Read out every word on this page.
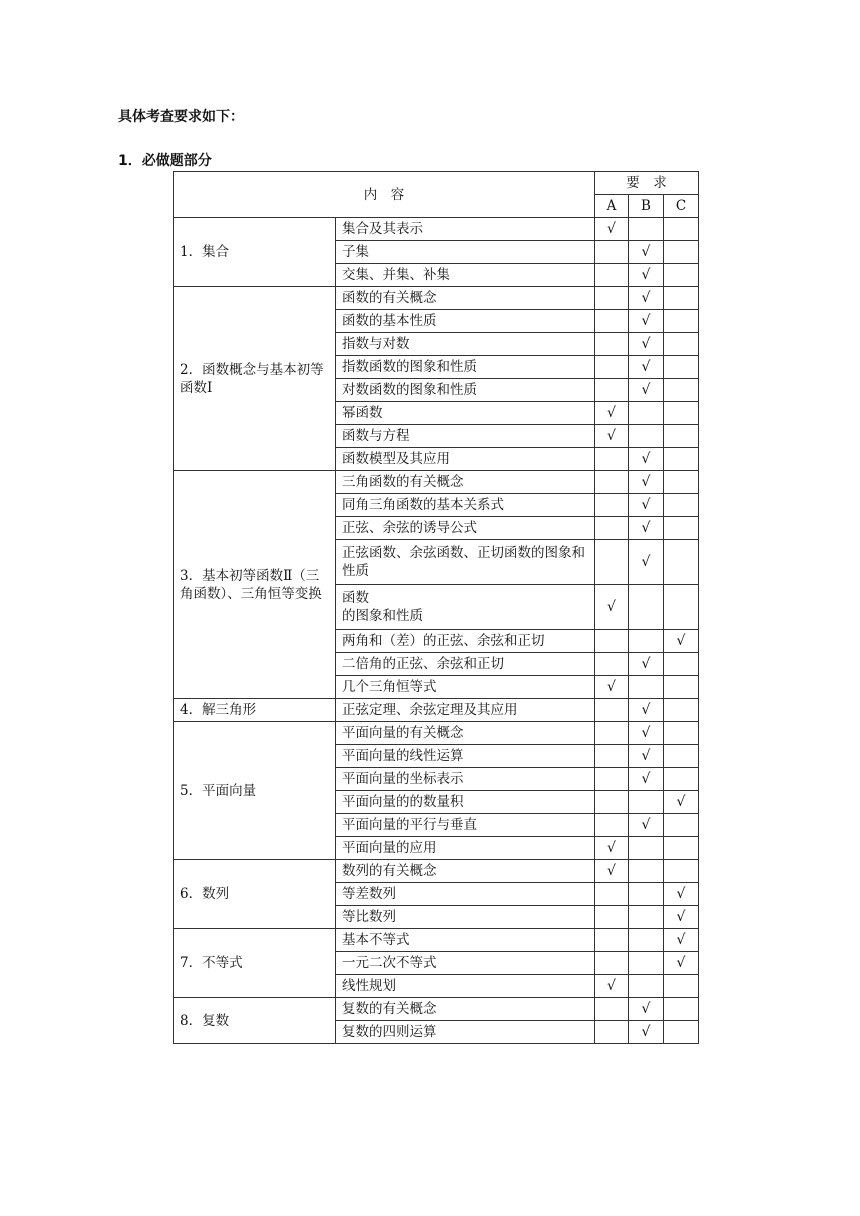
具体考查要求如下：
1．必做题部分
内　容		要　求		
		A	B	C
1．集合	集合及其表示	√		
	子集		√	
	交集、并集、补集		√	
2．函数概念与基本初等函数Ⅰ	函数的有关概念		√	
	函数的基本性质		√	
	指数与对数		√	
	指数函数的图象和性质		√	
	对数函数的图象和性质		√	
	幂函数	√		
	函数与方程	√		
	函数模型及其应用		√	
3．基本初等函数Ⅱ（三角函数）、三角恒等变换	三角函数的有关概念		√	
	同角三角函数的基本关系式		√	
	正弦、余弦的诱导公式		√	
	正弦函数、余弦函数、正切函数的图象和性质		√	
	函数
的图象和性质	√		
	两角和（差）的正弦、余弦和正切			√
	二倍角的正弦、余弦和正切		√	
	几个三角恒等式	√		
4．解三角形	正弦定理、余弦定理及其应用		√	
5．平面向量	平面向量的有关概念		√	
	平面向量的线性运算		√	
	平面向量的坐标表示		√	
	平面向量的的数量积			√
	平面向量的平行与垂直		√	
	平面向量的应用	√		
6．数列	数列的有关概念	√		
	等差数列			√
	等比数列			√
7．不等式	基本不等式			√
	一元二次不等式			√
	线性规划	√		
8．复数	复数的有关概念		√	
	复数的四则运算		√	
